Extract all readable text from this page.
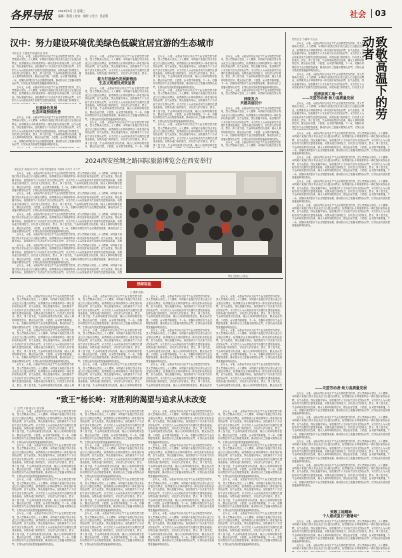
各界导报 2024年5月 日 星期二
编辑：陈毅 | 校对：桐梓 | 设计：吴征明	社会 03
汉中：努力建设环境优美绿色低碳宜居宜游的生态城市
本报记者 王丽丽 特约通讯员 张军

近年来，市委、市政府坚持以习近平生态文明思想为指导，深入贯彻落实党的二十大精神，牢固树立和践行绿水青山就是金山银山的理念，统筹推进山水林田湖草沙一体化保护和系统治理，以生态优先、绿色发展为导向，加快推进生产方式和生活方式绿色转型，全力打造人与自然和谐共生的现代化建设新格局。各级各部门协同发力，持续深入打好蓝天、碧水、净土保卫战，生态环境质量持续改善，城市人居环境明显提升，群众的获得感、幸福感、安全感不断增强。下一步，将继续巩固提升生态文明建设成果，推动经济社会发展全面绿色转型，让绿色成为高质量发展最鲜明的底色。

近年来，市委、市政府坚持以习近平生态文明思想为指导，深入贯彻落实党的二十大精神，牢固树立和践行绿水青山就是金山银山的理念，统筹推进山水林田湖草沙一体化保护和系统治理，以生态优先、绿色发展为导向，加快推进生产方式和生活方式绿色转型，全力打造人与自然和谐共生的现代化建设新格局。各级各部门协同发力，

注重绿色发展
生态环境持续改善

近年来，市委、市政府坚持以习近平生态文明思想为指导，深入贯彻落实党的二十大精神，牢固树立和践行绿水青山就是金山银山的理念，统筹推进山水林田湖草沙一体化保护和系统治理，以生态优先、绿色发展为导向，加快推进生产方式和生活方式绿色转型，全力打造人与自然和谐共生的现代化建设新格局。各级各部门协同发力，持续深入打好蓝天、碧水、净土保卫战，生态环境质量持续改善，城市人居环境明显提升，群众的获得感、幸福感、安全感不断增强。下一步，将继续巩固提升生态文明建设成果，推动经济社会发展全面绿色转型，让绿色成为高质量发展最鲜明的底色。

近年来，市委、市政府坚持以习近平生态文明思想为指导，深入贯彻落实党的二十大精神，牢固树立和践行绿水青山就是金山银山的理念，统筹推进山水林田湖草沙一体化保护和系统治理，以生态优先、绿色发展为导向，加快推进生产方式和生活方式绿色转型，全力打造人与自然和谐共生的现代化建设新格局。各级各部门协同发力，持续深入打好蓝天、碧水、

着力打造绿色发展新格局
生态文明建设成效显著

近年来，市委、市政府坚持以习近平生态文明思想为指导，深入贯彻落实党的二十大精神，牢固树立和践行绿水青山就是金山银山的理念，统筹推进山水林田湖草沙一体化保护和系统治理，以生态优先、绿色发展为导向，加快推进生产方式和生活方式绿色转型，全力打造人与自然和谐共生的现代化建设新格局。各级各部门协同发力，持续深入打好蓝天、碧水、净土保卫战，生态环境质量持续改善，城市人居环境明显提升，群众的获得感、幸福感、安全感不断增强。下一步，将继续巩固提升生态文明建设成果，推动经济社会发展全面绿色转型，让绿色成为高质量发展最鲜明的底色。

近年来，市委、市政府坚持以习近平生态文明思想为指导，深入贯彻落实党的二十大精神，牢固树立和践行绿水青山就是金山银山的理念，统筹推进山水林田湖草沙一体化保护和系统治理，以生态优先、绿色发展为导向，加快推进生产方式和生活方式绿色转型，全力打造人与自然和谐共生的现代化建设新格局。各级各部门协同发力，持续深入打好蓝天、碧水、净土保卫战，生态环境质量持续改善，城市人居环境明显提升，群众的获得感、幸福感、安全感不断增强。下一步，将继

近年来，市委、市政府坚持以习近平生态文明思想为指导，深入贯彻落实党的二十大精神，牢固树立和践行绿水青山就是金山银山的理念，统筹推进山水林田湖草沙一体化保护和系统治理，以生态优先、绿色发展为导向，加快推进生产方式和生活方式绿色转型，全力打造人与自然和谐共生的现代化建设新格局。各级各部门协同发力，持续深入打好蓝天、碧水、净土保卫战，生态环境质量持续改善，城市人居环境明显提升，群众的获得感、幸福感、安全感不断增强。下一步，将继续巩固提升生态文明建设成果，推动经济社会发展全面绿色转型，让绿色成为高质量发展最鲜明的底色。

近年来，市委、市政府坚持以习近平生态文明思想为指导，深入贯彻落实党的二十大精神，牢固树立和践行绿水青山就是金山银山的理念，统筹推进山水林田湖草沙一体化保护和系统治理，以生态优先、绿色发展为导向，加快推进生产方式和生活方式绿色转型，全力打造人与自然和谐共生的现代化建设新格局。各级各部门协同发力，持续深入打好蓝天、碧水、净土保卫战，生态环境质量持续改善，城市人居环境明显提升，群众的获得感、幸福感、安全感不断增强。下一步，将继续巩固提升生态文明建设成果，推动经济社会发展全面绿色转型，让绿色成为高质量发展最鲜明的底色。

近年来，市委、市政府坚持以习近平生态文明思想为指导，深入贯彻落实党的二十大精神，牢固树立和践行绿水青山就是金山银山的理念，统筹推进山水林田湖草沙一体化保护和系统治理，以生态优先、绿色发展为导向，加快推进生产方式和生活方式绿色转型，全力打造人与自然和谐共生的现代化建设新格局。各级各部门协同发力，持续深入打好蓝天、碧水、净土保卫战，生态环境质量持续改善，城市人居环境明显提

近年来，市委、市政府坚持以习近平生态文明思想为指导，深入贯彻落实党的二十大精神，牢固树立和践行绿水青山就是金山银山的理念，统筹推进山水林田湖草沙一体化保护和系统治理，以生态优先、绿色发展为导向，加快推进生产方式和生活方式绿色转型，全力打造人与自然和谐共生的现代化建设新格局。各级各部门协同发力，持续深入打好蓝天、碧水、净土保卫战，生态环境质量持续改善，城市人居环境明显提升，群众的获得感、幸福感、安全感不断增强。下一步，将继续巩固提升生态文明建设成果，推动经济社会发展全面绿色转型，让绿色成为高质量发展最鲜明的底色。

近年来，市委、市政府坚持以习近平生态文明思想为指导，深入贯彻落实党的二十大精神，牢固树立和践行绿水青

持续发力
共建美丽汉中

近年来，市委、市政府坚持以习近平生态文明思想为指导，深入贯彻落实党的二十大精神，牢固树立和践行绿水青山就是金山银山的理念，统筹推进山水林田湖草沙一体化保护和系统治理，以生态优先、绿色发展为导向，加快推进生产方式和生活方式绿色转型，全力打造人与自然和谐共生的现代化建设新格局。各级各部门协同发力，持续深入打好蓝天、碧水、净土保卫战，生态环境质量持续改善，城市人居环境明显提升，群众的获得感、幸福感、安全感不断增强。下一步，将继续巩固提升生态文明建设成果，推动经济社会发展全面绿色转型，让绿色成为高质量发展最鲜明的底色。

近年来，市委、市政府坚持以习近平生态文明思想为指导，深入贯彻落实党的二十大精神，牢固树立和践行绿水青

2024西安丝绸之路国际旅游博览会在西安举行
本报记者 刘安(实习生) 李明 特约通讯员 王晓华 实习生 王少平

近年来，市委、市政府坚持以习近平生态文明思想为指导，深入贯彻落实党的二十大精神，牢固树立和践行绿水青山就是金山银山的理念，统筹推进山水林田湖草沙一体化保护和系统治理，以生态优先、绿色发展为导向，加快推进生产方式和生活方式绿色转型，全力打造人与自然和谐共生的现代化建设新格局。各级各部门协同发力，持续深入打好蓝天、碧水、净土保卫战，生态环境质量持续改善，城市人居环境明显提升，群众的获得感、幸福感、安全感不断增强。下一步，将继续巩固提升生态文明建设成果，推动经济社会发展全面绿色转型，让绿色成为高质量发展最鲜明的底色。

近年来，市委、市政府坚持以习近平生态文明思想为指导，深入贯彻落实党的二十大精神，牢固树立和践行绿水青山就是金山银山的理念，统筹推进山水林田湖草沙一体化保护和系统治理，以生态优先、绿色发展为导向，加快推进生产方式和生活方式绿色转型，全力打造人与自然和谐共生的现代化建设新格局。各级各部门协同发力，持续深入打好蓝天、碧水、净土保卫战，生态环境质量持续改善，城市人居环境明显提升，群众的获得感、幸福感、安全感不断增强。下一步，将继续巩固提升生态文明建设成果，推动经济社会发展全面绿色转型，让绿色成为高质量发展最鲜明的底色。

近年来，市委、市政府坚持以习近平生态文明思想为指导，深入贯彻落实党的二十大精神，牢固树立和践行绿水青山就是金山银山的理念，统筹推进山水林田湖草沙一体化保护和系统治理，以生态优先、绿色发展为导向，加快推进生产方式和生活方式绿色转型，全力打造人与自然和谐共生的现代化建设新格局。各级各部门协同发力，持续深入打好蓝天、碧水、净土保卫战，生态环境质量持续改善，城市人居环境明显提升，群众的获得感、幸福感、安全感不断增强。下一步，将继续巩固提升生态文明建设成果，推动经济社会发展全面绿色转型，让绿色成为高质量发展最鲜明的底色。

近年来，市委、市政府坚持以习近平生态文明思想为指导，深入贯彻落实党的二十大精神，牢固树立和践行绿水青山就是金山银山的理念，统筹推进山水林田湖草沙一体化保护和系统治理，以生态优先、绿色发展为导向，加快推进生产方式和生活方式绿色转型，全力打造人与自然和谐共生的现代化建设新格局。各级

近年来，市委、市政府坚持以习近平生态文明思想为指导，深入贯彻落实党的二十大精神，牢固树立和践行绿水青山就是金山银山的理念，统筹推进山水林田湖草沙一体化保护和系统治理，以生态优先、绿色发展为导向，加快推进生产方式和生活方式绿色转型，全力打造人与自然和谐共生的现代化建设新格局。各级各部门协同发力，持续深入打好蓝天、碧水、净土保卫战，生态环境质量持续改善，城市人居环境明显提升，群众的获得感、幸福感、安全感不断增强。下一步，将继续巩固提升生态文明建设成果，推动经济社会发展全面绿色转型，让绿色成为高质量发展最鲜明的底色。

近年来，市委、市政府坚持以习近平生态文明思想为指导，深入贯彻落实党的二十大精神，牢固树立和践行绿水青山就是金山银山的理念，统筹推进山水林田湖草沙一体化保护和系统治理，以生态优先、绿色发展为导向，加快推进生产方式和生活方式绿色转型，全力打造人与自然和谐共生的现代化建设新格局。各级

博览会现场人头攒动。

律师说法
□ 律师 张静

近年来，市委、市政府坚持以习近平生态文明思想为指导，深入贯彻落实党的二十大精神，牢固树立和践行绿水青山就是金山银山的理念，统筹推进山水林田湖草沙一体化保护和系统治理，以生态优先、绿色发展为导向，加快推进生产方式和生活方式绿色转型，全力打造人与自然和谐共生的现代化建设新格局。各级各部门协同发力，持续深入打好蓝天、碧水、净土保卫战，生态环境质量持续改善，城市人居环境明显提升，群众的获得感、幸福感、安全感不断增强。下一步，将继续巩固提升生态文明建设成果，推动经济社会发展全面绿色转型，让绿色成为高质量发展最鲜明的底色。

近年来，市委、市政府坚持以习近平生态文明思想为指导，深入贯彻落实党的二十大精神，牢固树立和践行绿水青山就是金山银山的理念，统筹推进山水林田湖草沙一体化保护和系统治理，以生态优先、绿色发展为导向，加快推进生产方式和生活方式绿色转型，全力打造人与自然和谐共生的现代化建设新格局。各级各部门协同发力，持续深入打好蓝天、碧水、净土保卫战，生态环境质量持续改善，城市人居环境明显提升，群众的获得感、幸福感、安全感不断增强。下一步，将继续巩固提升生态文明建设成果，推动经济社会发展全面绿色转型，让绿色成为高质量发展最鲜明的底色。

近年来，市委、市政府坚持以习近平生态文明思想为指导，深入贯彻落实党的二十大精神，牢固树立和践行绿水青山就是金山银山的理念，统筹推进山水林田湖草沙一体化保护和系统治理，以生态优先、绿色发展为导向，加快推进生产方式和生活方式绿色转型，全力打造人与自然和谐共生的现代化建设新格局。各级各部门协同发力，持续深入打好蓝天、碧水、净土保卫战，生态环境质量持续改善，城市人居

近年来，市委、市政府坚持以习近平生态文明思想为指导，深入贯彻落实党的二十大精神，牢固树立和践行绿水青山就是金山银山的理念，统筹推进山水林田湖草沙一体化保护和系统治理，以生态优先、绿色发展为导向，加快推进生产方式和生活方式绿色转型，全力打造人与自然和谐共生的现代化建设新格局。各级各部门协同发力，持续深入打好蓝天、碧水、净土保卫战，生态环境质量持续改善，城市人居环境明显提升，群众的获得感、幸福感、安全感不断增强。下一步，将继续巩固提升生态文明建设成果，推动经济社会发展全面绿色转型，让绿色成为高质量发展最鲜明的底色。

近年来，市委、市政府坚持以习近平生态文明思想为指导，深入贯彻落实党的二十大精神，牢固树立和践行绿水青山就是金山银山的理念，统筹推进山水林田湖草沙一体化保护和系统治理，以生态优先、绿色发展为导向，加快推进生产方式和生活方式绿色转型，全力打造人与自然和谐共生的现代化建设新格局。各级各部门协同发力，持续深入打好蓝天、碧水、净土保卫战，生态环境质量持续改善，城市人居环境明显提升，群众的获得感、幸福感、安全感不断增强。下一步，将继续巩固提升生态文明建设成果，推动经济社会发展全面绿色转型，让绿色成为高质量发展最鲜明的底色。

近年来，市委、市政府坚持以习近平生态文明思想为指导，深入贯彻落实党的二十大精神，牢固树立和践行绿水青山就是金山银山的理念，统筹推进山水林田湖草沙一体化保护和系统治理，以生态优先、绿色发展为导向，加快推进生产方式和生活方式绿色转型，全力打造人与自然和谐共生的现代化建设新格局。各级各部门协同发力，持续深入打好蓝天、碧水、净土保卫战，生态环境质量持续改善，城市人居环境明显提

近年来，市委、市政府坚持以习近平生态文明思想为指导，深入贯彻落实党的二十大精神，牢固树立和践行绿水青山就是金山银山的理念，统筹推进山水林田湖草沙一体化保护和系统治理，以生态优先、绿色发展为导向，加快推进生产方式和生活方式绿色转型，全力打造人与自然和谐共生的现代化建设新格局。各级各部门协同发力，持续深入打好蓝天、碧水、净土保卫战，生态环境质量持续改善，城市人居环境明显提升，群众的获得感、幸福感、安全感不断增强。下一步，将继续巩固提升生态文明建设成果，推动经济社会发展全面绿色转型，让绿色成为高质量发展最鲜明的底色。

近年来，市委、市政府坚持以习近平生态文明思想为指导，深入贯彻落实党的二十大精神，牢固树立和践行绿水青山就是金山银山的理念，统筹推进山水林田湖草沙一体化保护和系统治理，以生态优先、绿色发展为导向，加快推进生产方式和生活方式绿色转型，全力打造人与自然和谐共生的现代化建设新格局。各级各部门协同发力，持续深入打好蓝天、碧水、净土保卫战，生态环境质量持续改善，城市人居环境明显提升，群众的获得感、幸福感、安全感不断增强。下一步，将继续巩固提升生态文明建设成果，推动经济社会发展全面绿色转型，让绿色成为高质量发展最鲜明的底色。

近年来，市委、市政府坚持以习近平生态文明思想为指导，深入贯彻落实党的二十大精神，牢固树立和践行绿水青山就是金山银山的理念，统筹推进山水林田湖草沙一体化保护和系统治理，以生态优先、绿色发展为导向，加快推进生产方式和生活方式绿色转型，全力打造人与自然和谐共生的现代化建设新格局。各级各部门协同发力，持续深入打好蓝天、碧水、净土保卫战，生态环境质量持续改善，城市人居环境明显提升，群众的获得

近年来，市委、市政府坚持以习近平生态文明思想为指导，深入贯彻落实党的二十大精神，牢固树立和践行绿水青山就是金山银山的理念，统筹推进山水林田湖草沙一体化保护和系统治理，以生态优先、绿色发展为导向，加快推进生产方式和生活方式绿色转型，全力打造人与自然和谐共生的现代化建设新格局。各级各部门协同发力，持续深入打好蓝天、碧水、净土保卫战，生态环境质量持续改善，城市人居环境明显提升，群众的获得感、幸福感、安全感不断增强。下一步，将继续巩固提升生态文明建设成果，推动经济社会发展全面绿色转型，让绿色成为高质量发展最鲜明的底色。

近年来，市委、市政府坚持以习近平生态文明思想为指导，深入贯彻落实党的二十大精神，牢固树立和践行绿水青山就是金山银山的理念，统筹推进山水林田湖草沙一体化保护和系统治理，以生态优先、绿色发展为导向，加快推进生产方式和生活方式绿色转型，全力打造人与自然和谐共生的现代化建设新格局。各级各部门协同发力，持续深入打好蓝天、碧水、净土保卫战，生态环境质量持续改善，城市人居环境明显提升，群众的获得感、幸福感、安全感不断增强。下一步，将继续巩固提升生态文明建设成果，推动经济社会发展全面绿色转型，让绿色成为高质量发展最鲜明的底色。

近年来，市委、市政府坚持以习近平生态文明思想为指导，深入贯彻落实党的二十大精神，牢固树立和践行绿水青山就是金山银山的理念，统筹推进山水林田湖草沙一体化保护和系统治理，以生态优先、绿色发展为导向，加快推进生产方式和生活方式绿色转型，全力打造人与自然和谐共生的现代化建设新格局。各级各部门协同发力，持续深入打好蓝天、碧水、净土保卫战，生态环境质量持续改善，城市人居环境明显提升，群众的获得

“致王”杨长岭：对胜利的渴望与追求从未改变
□ 文/图 王丽 杨宝玉 刘文娟

近年来，市委、市政府坚持以习近平生态文明思想为指导，深入贯彻落实党的二十大精神，牢固树立和践行绿水青山就是金山银山的理念，统筹推进山水林田湖草沙一体化保护和系统治理，以生态优先、绿色发展为导向，加快推进生产方式和生活方式绿色转型，全力打造人与自然和谐共生的现代化建设新格局。各级各部门协同发力，持续深入打好蓝天、碧水、净土保卫战，生态环境质量持续改善，城市人居环境明显提升，群众的获得感、幸福感、安全感不断增强。下一步，将继续巩固提升生态文明建设成果，推动经济社会发展全面绿色转型，让绿色成为高质量发展最鲜明的底色。

近年来，市委、市政府坚持以习近平生态文明思想为指导，深入贯彻落实党的二十大精神，牢固树立和践行绿水青山就是金山银山的理念，统筹推进山水林田湖草沙一体化保护和系统治理，以生态优先、绿色发展为导向，加快推进生产方式和生活方式绿色转型，全力打造人与自然和谐共生的现代化建设新格局。各级各部门协同发力，持续深入打好蓝天、碧水、净土保卫战，生态环境质量持续改善，城市人居环境明显提升，群众的获得感、幸福感、安全感不断增强。下一步，将继续巩固提升生态文明建设成果，推动经济社会发展全面绿色转型，让绿色成为高质量发展最鲜明的底色。

近年来，市委、市政府坚持以习近平生态文明思想为指导，深入贯彻落实党的二十大精神，牢固树立和践行绿水青山就是金山银山的理念，统筹推进山水林田湖草沙一体化保护和系统治理，以生态优先、绿色发展为导向，加快推进生产方式和生活方式绿色转型，全力打造人与自然和谐共生的现代化建设新格局。各级各部门协同发力，持续深入打好蓝天、碧水、净土保卫战，生态环境质量持续改善，城市人居环境明显提升，群众的获得感、幸福感、安全感不断增强。下一步，将继续巩固提升生态文明建设成果，推动经济社会发展全面绿色转型，让绿色成为高质量发展最鲜明的底色。

近年来，市委、市政府坚持以习近平生态文明思想为指导，深入贯彻落实党的二十大精神，牢固树立和践行绿水青山就是金山银山的理念，统筹推进山水林田湖草沙一体化保护和系统治理，以生态优先、绿色发展为导向，加快推进生产方式和生活方式绿色转型，全力打造人与自然和谐共生的现代化建设新格局。各级各部门协同发力，持续深入打好蓝天、碧水、净土保卫战，生态环境质量持续改善，城市人居环境明显提升，群众的获得感、幸福感、安全感不断增强。下一步，将继续巩固提升生态文明建设成果，推动经济社会发展全面绿色转型，让绿色成为高质量发展最鲜明的底色。

近年来，市委、市政府坚持以习近平生态文明思想为指导，深入贯彻落实党的二十大精神，牢固树立和践行绿水青山就是金山银山的理念，统筹推进山水林田湖草沙一体化保护和系统治理，以生态优先、绿色发展为导向，加快推进生产方式和生活方式绿色转型，全力打造人与自然和谐共生的现代化建设新格局。各级各部门协同发力，持续深入打好蓝天、碧水、净土保卫战，生态环境质量持续改善，城市人居环境明显提升，群众的获得感、幸福感、安全感不断增强。下一步，将继续巩固提升生态文明建设成果，推动经济社会发展全面绿色转型，让绿色成为高质量发展最鲜明的底色。

近年来，市委、市政府坚持以习近平生态文明思想为指导，深入贯彻落实党的二十大精神，牢固树立和践行绿水青山就是金山银山的理念，统筹推进山水林田湖草沙一体化保护和系统治理，以生态优先、绿色发展为导向，加快推进生产方式和生活方式绿色转型，全力打造人与自然和谐共生的现代化建设新格局。各级各部门协同发力，持续深入打好蓝天、碧水、净土保卫战，生态环境质量持续改善，城市人居环境明显提升，群众的获得感、幸福感、安全感不断增强。下一步，将继续巩固提升生态文明建设成果，推动经济社会发展全面绿色转型，让绿色成为高质量发展最鲜明的底色。

近年来，市委、市政府坚持以习近平生态文明思想为指导，深入贯彻落实党的二十大精神，牢固树立和践行绿水青山就是金山银山的理念，统筹推进山水林田湖草沙一体化保护和系统治理，以生态优先、绿色发展为导向，加快推进生产方式和生活方式绿色转型，全力打造人与自然和谐共生的现代化建设新格局。各级各部门协同发力，持续深入打好蓝天、碧水、净土保卫战，生态环境质量持续改善，城市人居环境明显提升，群众的获得感、幸福感、安全感不断增强。下一步，将继续巩固提升生态文明建设成果，推动经济社会发展全面绿色转型，让绿色成为高质量发展最鲜明的底色。

近年来，市委、市政府坚持以习近平生态文明思想为指导，深入贯彻落实党的二十大精神，牢固树立和践行绿水青山就是金山银山的理念，统筹推进山水林田湖草沙一体化保护和系统治理，以生态优先、绿色发展为导向，加快推进生产方式和生活方式绿色转型，全力打造人与自然和谐共生的现代化建设新格局。各级各部门协同发力，持续深入打好蓝天、碧水、净土保卫战，生态环境质量持续改善，城市人居环境明显提升，群众的获得感、幸福感、安全感不断增强。下一步，将继续巩固提升生态文明建设成果，推动经济社会发展全面绿色转型，让绿色成为高质量发展最鲜明的底色。

近年来，市委、市政府坚持以习近平生态文明思想为指导，深入贯彻落实党的二十大精神，牢固树立和践行绿水青山就是金山银山的理念，统筹推进山水林田湖草沙一体化保护和系统治理，以生态优先、绿色发展为导向，加快推进生产方式和生活方式绿色转型，全力打造人与自然和谐共生的现代化建设新格局。各级各部门协同发力，持续深入打好蓝天、碧水、净土保卫战，生态环境质量持续改善，城市人居环境明显提升，群众的获得感、幸福感、安全感不断增强。下一步，将继续巩固提升生态文明建设成果，推动经济社会发展全面绿色转型，让绿色成为高质量发展最鲜明的底色。

近年来，市委、市政府坚持以习近平生态文明思想为指导，深入贯彻落实党的二十大精神，牢固树立和践行绿水青山就是金山银山的理念，统筹推进山水林田湖草沙一体化保护和系统治理，以生态优先、绿色发展为导向，加快推进生产方式和生活方式绿色转型，全力打造人与自然和谐共生的现代化建设新格局。各级各部门协同发力，持续深入打好蓝天、碧水、净土保卫战，生态环境质量持续改善，城市人居环境明显提升，群众的获得感、幸福感、安全感不断增强。下一步，将继续巩固提升生态文明建设成果，推动经济社会发展全面绿色转型，让绿色成为高质量发展最鲜明的底色。

近年来，市委、市政府坚持以习近平生态文明思想为指导，深入贯彻落实党的二十大精神，牢固树立和践行绿水青山就是金山银山的理念，统筹推进山水林田湖草沙一体化保护和系统治理，以生态优先、绿色发展为导向，加快推进生产方式和生活方式绿色转型，全力打造人与自然和谐共生的现代化建设新格局。各级各部门协同发力，持续深入打好蓝天、碧水、净土保卫战，生态环境质量持续改善，城市人居环境明显提升，群众的获得感、幸福感、安全感不断增强。下一步，将继续巩固提升生态文明建设成果，推动经济社会发展全面绿色转型，让绿色成为高质量发展最鲜明的底色。

近年来，市委、市政府坚持以习近平生态文明思想为指导，深入贯彻落实党的二十大精神，牢固树立和践行绿水青山就是金山银山的理念，统筹推进山水林田湖草沙一体化保护和系统治理，以生态优先、绿色发展为导向，加快推进生产方式和生活方式绿色转型，全力打造人与自然和谐共生的现代化建设新格局。各级各部门协同发力，持续深入打好蓝天、碧水、净土保卫战，生态环境质量持续改善，城市人居环境明显提升，群众的获得感、幸福感、安全感不断增强。下一步，将继续巩固提升生态文明建设成果，推动经济社会发展全面绿色转型，让绿色成为高质量发展最鲜明的底色。

近年来，市委、市政府坚持以习近平生态文明思想为指导，深入贯彻落实党的二十大精神，牢固树立和践行绿水青山就是金山银山的理念，统筹推进山水林田湖草沙一体化保护和系统治理，以生态优先、绿色发展为导向，加快推进生产方式和生活方式绿色转型，全力打造人与自然和谐共生的现代化建设新格局。各级各部门协同发力，持续深入打好蓝天、碧水、净土保卫战，生态环境质量持续改善，城市人居环境明显提升，群众的获得感、幸福感、安全感不断增强。下一步，将继续巩固提升生态文明建设成果，推动经济社会发展全面绿色转型，让绿色成为高质量发展最鲜明的底色。

近年来，市委、市政府坚持以习近平生态文明思想为指导，深入贯彻落实党的二十大精神，牢固树立和践行绿水青山就是金山银山的理念，统筹推进山水林田湖草沙一体化保护和系统治理，以生态优先、绿色发展为导向，加快推进生产方式和生活方式绿色转型，全力打造人与自然和谐共生的现代化建设新格局。各级各部门协同发力，持续深入打好蓝天、碧水、净土保卫战，生态环境质量持续改善，城市人居环境明显提升，群众的获得感、幸福感、安全感不断增强。下一步，将继续巩固提升生态文明建设成果，推动经济社会发展全面绿色转型，让绿色成为高质量发展最鲜明的底色。

近年来，市委、市政府坚持以习近平生态文明思想为指导，深入贯彻落实党的二十大精神，牢固树立和践行绿水青山就是金山银山的理念，统筹推进山水林田湖草沙一体化保护和系统治理，以生态优先、绿色发展为导向，加快推进生产方式和生活方式绿色转型，全力打造人与自然和谐共生的现代化建设新格局。各级各部门协同发力，持续深入打好蓝天、碧水、净土保卫战，生态环境质量持续改善，城市人居环境明显提升，群众的获得感、幸福感、安全感不断增强。下一步，将继续巩固提升生态文明建设成果，推动经济社会发展全面绿色转型，让绿色成为高质量发展最鲜明的底色。

近年来，市委、市政府坚持以习近平生态文明思想为指导，深入贯彻落实党的二十大精神，牢固树立和践行绿水青山就是金山银山的理念，统筹推进山水林田湖草沙一体化保护和系统治理，以生态优先、绿色发展为导向，加快推进生产方式和生活方式绿色转型，全力打造人与自然和谐共生的现代化建设新格局。各级各部门协同发力，持续深入打好蓝天、碧水、净土保卫战，生态环境质量持续改善，城市人居环境明显提升，群众的获得感、幸福感、安全感不断增强。下一步，将继续巩固提升生态文明建设成果，推动经济社会发展全面绿色转型，让绿色成为高质量发展最鲜明的底色。

特约记者 李丽华 马文英

近年来，市委、市政府坚持以习近平生态文明思想为指导，深入贯彻落实党的二十大精神，牢固树立和践行绿水青山就是金山银山的理念，统筹推进山水林田湖草沙一体化保护和系统治理，以生态优先、绿色发展为导向，加快推进生产方式和生活方式绿色转型，全力打造人与自然和谐共生的现代化建设新格局。各级各部门协同发力，持续深入打好蓝天、碧水、净土保卫战，生态环境质量持续改善，城市人居环境明显提升，群众的获得感、幸福感、安全感不断增强。下一步，将继续巩固提升生态文明建设成果，推动经济社会发展全面绿色转型，让绿色成为高质量发展最鲜明的底色。

近年来，市委、市政府坚持以习近平生态文明思想为指导，深入贯彻落实党的二十大精神，牢固树立和践行绿水青山就是金山银山的理念，统筹推进山水林田湖草沙一体化保护和系统治理，以生态优先、绿色发展为导向，加快推进生产方式和生活方式绿色转型，全力打造人与自然和谐共生的现代化建设新格局。各级各部门协同发力，持续深入打 致敬高温下的劳动者
送清凉到工地一线
——关爱劳动者·助力高质量发展

近年来，市委、市政府坚持以习近平生态文明思想为指导，深入贯彻落实党的二十大精神，牢固树立和践行绿水青山就是金山银山的理念，统筹推进山水林田湖草沙一体化保护和系统治理，以生态优先、绿色发展为导向，加快推进生产方式和生活方式绿色转型，全力打造人与自然和谐共生的现代化建设新格局。各级各部门协同发力，持续深入打好蓝天、碧水、净土保卫战，生态环境质量持续改善，城市人居环境明显提升，群众的获得感、幸福感、安全感不断增强。下一步，将继续巩固提升生态文明建设成果，推动经济社会发展全面绿色转型，让绿色成

近年来，市委、市政府坚持以习近平生态文明思想为指导，深入贯彻落实党的二十大精神，牢固树立和践行绿水青山就是金山银山的理念，统筹推进山水林田湖草沙一体化保护和系统治理，以生态优先、绿色发展为导向，加快推进生产方式和生活方式绿色转型，全力打造人与自然和谐共生的现代化建设新格局。各级各部门协同发力，持续深入打好蓝天、碧水、净土保卫战，生态环境质量持续改善，城市人居环境明显提升，群众的获得感、幸福感、安全感不断增强。下一步，将继续巩固提升生态文明建设成果，推动经济社会发展全面绿色转型，让绿色成为高质量发展最鲜明的底色。

近年来，市委、市政府坚持以习近平生态文明思想为指导，深入贯彻落实党的二十大精神，牢固树立和践行绿水青山就是金山银山的理念，统筹推进山水林田湖草沙一体化保护和系统治理，以生态优先、绿色发展为导向，加快推进生产方式和生活方式绿色转型，全力打造人与自然和谐共生的现代化建设新格局。各级各部门协同发力，持续深入打好蓝天、碧水、净土保卫战，生态环境质量持续改善，城市人居环境明显提升，群众的获得感、幸福感、安全感不断增强。下一步，将继续巩固提升生态文明建设成果，推动经济社会发展全面绿色转型，让绿色成为高质量发展最鲜明的底色。

近年来，市委、市政府坚持以习近平生态文明思想为指导，深入贯彻落实党的二十大精神，牢固树立和践行绿水青山就是金山银山的理念，统筹推进山水林田湖草沙一体化保护和系统治理，以生态优先、绿色发展为导向，加快推进生产方式和生活方式绿色转型，全力打造人与自然和谐共生的现代化建设新格局。各级各部门协同发力，持续深入打好蓝天、碧水、净土保卫战，生态环境质量持续改善，城市人居环境明显提升，群众的获得感、幸福感、安全感不断增强。下一步，将继续巩固提升生态文明建设成果，推动经济社会发展全面绿色转型，让绿色成为高质量发展最鲜明的底色。

近年来，市委、市政府坚持以习近平生态文明思想为指导，深入贯彻落实党的二十大精神，牢固树立和践行绿水青山就是金山银山的理念，统筹推进山水林田湖草沙一体化保护和系统治理，以生态优先、绿色发展为导向，加快推进生产方式和生活方式绿色转型，全力打造人与自然和谐共生的现代化建设新格局。各级各部门协同发力，持续深入打好蓝天、碧水、净土保卫战，生态环境质量持续改善，城市人居环境明显提升，群众的获得感、幸福感、安全感不断增强。下一步，将继续巩固提升生态文明建设成果，推动经济社会发展全面绿色转型，让绿色成为高质量发展最鲜明的底色。

——关爱劳动者·助力高质量发展

近年来，市委、市政府坚持以习近平生态文明思想为指导，深入贯彻落实党的二十大精神，牢固树立和践行绿水青山就是金山银山的理念，统筹推进山水林田湖草沙一体化保护和系统治理，以生态优先、绿色发展为导向，加快推进生产方式和生活方式绿色转型，全力打造人与自然和谐共生的现代化建设新格局。各级各部门协同发力，持续深入打好蓝天、碧水、净土保卫战，生态环境质量持续改善，城市人居环境明显提升，群众的获得感、幸福感、安全感不断增强。下一步，将继续巩固提升生态文明建设成果，推动经济社会发展全面绿色转型，让绿色成为高质量发展最鲜明的底色。

近年来，市委、市政府坚持以习近平生态文明思想为指导，深入贯彻落实党的二十大精神，牢固树立和践行绿水青山就是金山银山的理念，统筹推进山水林田湖草沙一体化保护和系统治理，以生态优先、绿色发展为导向，加快推进生产方式和生活方式绿色转型，全力打造人与自然和谐共生的现代化建设新格局。各级各部门协同发力，持续深入打好蓝天、碧水、净土保卫战，生态环境质量持续改善，城市人居环境明显提升，群众的获得感、幸福感、安全感不断增强。下一步，将继续巩固提升生态文明建设成果，推动经济社会发展全面绿色转型，让绿色成为高质量发展最鲜明的底色。

近年来，市委、市政府坚持以习近平生态文明思想为指导，深入贯彻落实党的二十大精神，牢固树立和践行绿水青山就是金山银山的理念，统筹推进山水林田湖草沙一体化保护和系统治理，以生态优先、绿色发展为导向，加快推进生产方式和生活方式绿色转型，全力打造人与自然和谐共生的现代化建设新格局。各级各部门协同发力，持续深入打好蓝天、碧水、净土保卫战，生态环境质量持续改善，城市人居环境明显提升，群众的获得感、幸福感、安全感不断增强。下一步，将继续巩固提升生态文明建设成果，推动经济社会发展全面绿色转型，让绿色成为高质量发展最鲜明的底色。

近年来，市委、市政府坚持以习近平生态文明思想为指导，深入贯彻落实党的二十大精神，牢固树立和践行绿水青山就是金山银山的理念，统筹推进山水林田湖草沙一体化保护和系统治理，以生态优先、绿色发展为导向，加快推进生产方式和生活方式绿色转型，全力打造人与自然和谐共生的现代化建设新格局。各级各部门协同发力，持续深入打好蓝天、碧水、净土保卫战，生态环境质量持续改善，城市人居环境明显提升，群众的获得感、幸福感、安全感不断增强。下一步，将继续巩固提升生态文明建设成果，推动经济社会发展全面绿色转型，让绿色成为高质量发展最鲜明的底色。

致敬工地精神
个人建成夏日“避暑站”

近年来，市委、市政府坚持以习近平生态文明思想为指导，深入贯彻落实党的二十大精神，牢固树立和践行绿水青山就是金山银山的理念，统筹推进山水林田湖草沙一体化保护和系统治理，以生态优先、绿色发展为导向，加快推进生产方式和生活方式绿色转型，全力打造人与自然和谐共生的现代化建设新格局。各级各部门协同发力，持续深入打好蓝天、碧水、净土保卫战，生态环境质量持续改善，城市人居环境明显提升，群众的获得感、幸福感、安全感不断增强。下一步，将继续巩固提升生态文明建设成果，推动经济社会发展全面绿色转型，让绿色成为高质量发展最鲜明的底色。

近年来，市委、市政府坚持以习近平生态文明思想为指导，深入贯彻落实党的二十大精神，牢固树立和践行绿水青山就是金山银山的理念，统筹推进山水林田湖草沙一体化保护和系统治
